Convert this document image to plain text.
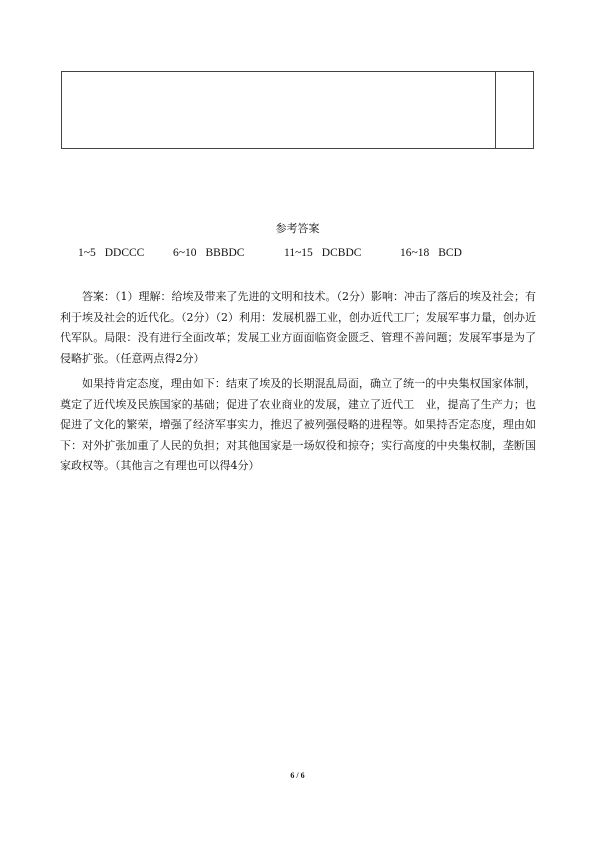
参考答案
1~5 DDCCC 6~10 BBBDC	11~15 DCBDC	16~18 BCD

答案：（1）理解：给埃及带来了先进的文明和技术。（2分）影响：冲击了落后的埃及社会；有利于埃及社会的近代化。（2分）（2）利用：发展机器工业，创办近代工厂；发展军事力量，创办近代军队。局限：没有进行全面改革；发展工业方面面临资金匮乏、管理不善问题；发展军事是为了侵略扩张。（任意两点得2分）

如果持肯定态度，理由如下：结束了埃及的长期混乱局面，确立了统一的中央集权国家体制，奠定了近代埃及民族国家的基础；促进了农业商业的发展，建立了近代工　业，提高了生产力；也促进了文化的繁荣，增强了经济军事实力，推迟了被列强侵略的进程等。如果持否定态度，理由如下：对外扩张加重了人民的负担；对其他国家是一场奴役和掠夺；实行高度的中央集权制，垄断国家政权等。（其他言之有理也可以得4分）

6 / 6
